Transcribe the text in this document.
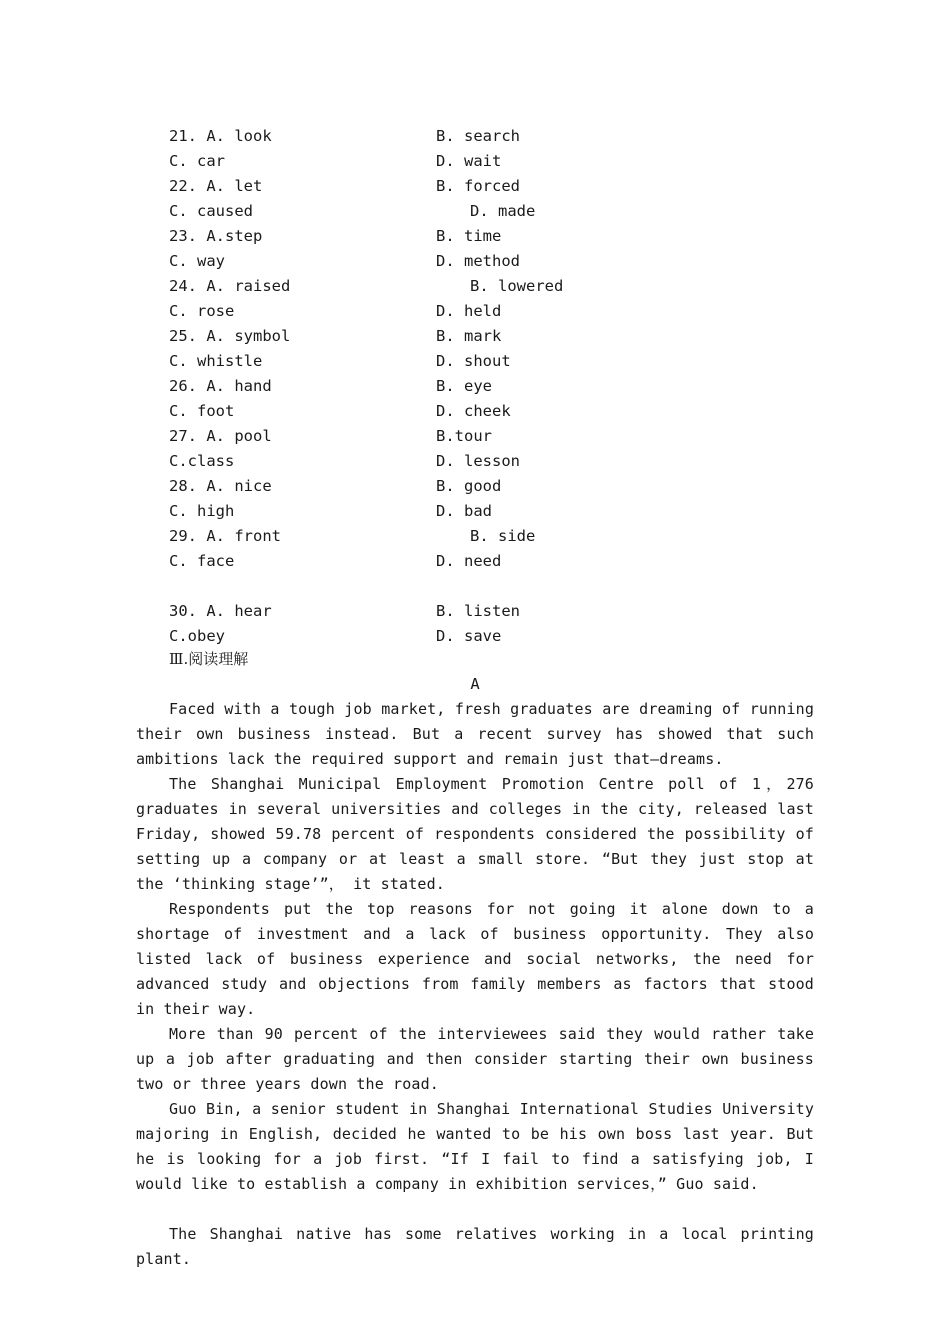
21. A. look	B. search
C. car	D. wait
22. A. let	B. forced
C. caused	D. made
23. A.step	B. time
C. way	D. method
24. A. raised	B. lowered
C. rose	D. held
25. A. symbol	B. mark
C. whistle	D. shout
26. A. hand	B. eye
C. foot	D. cheek
27. A. pool	B.tour
C.class	D. lesson
28. A. nice	B. good
C. high	D. bad
29. A. front	B. side
C. face	D. need
30. A. hear	B. listen
C.obey	D. save
Ⅲ.阅读理解
A

Faced with a tough job market, fresh graduates are dreaming of running their own business instead. But a recent survey has showed that such ambitions lack the required support and remain just that—dreams.

The Shanghai Municipal Employment Promotion Centre poll of 1，276 graduates in several universities and colleges in the city, released last Friday, showed 59.78 percent of respondents considered the possibility of setting up a company or at least a small store. “But they just stop at the ‘thinking stage’”， it stated.

Respondents put the top reasons for not going it alone down to a shortage of investment and a lack of business opportunity. They also listed lack of business experience and social networks, the need for advanced study and objections from family members as factors that stood in their way.

More than 90 percent of the interviewees said they would rather take up a job after graduating and then consider starting their own business two or three years down the road.

Guo Bin, a senior student in Shanghai International Studies University majoring in English, decided he wanted to be his own boss last year. But he is looking for a job first. “If I fail to find a satisfying job, I would like to establish a company in exhibition services，” Guo said.

The Shanghai native has some relatives working in a local printing plant.
